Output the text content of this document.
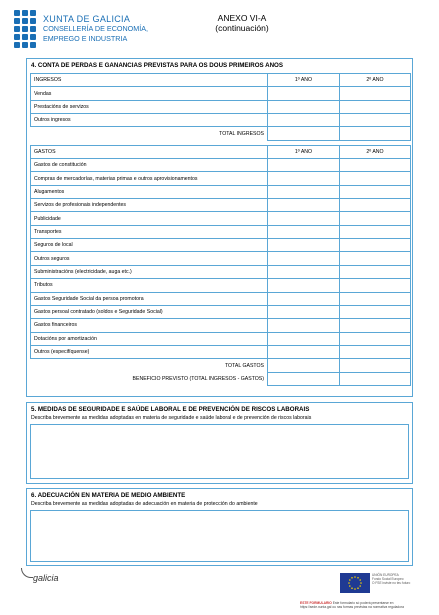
XUNTA DE GALICIA
CONSELLERÍA DE ECONOMÍA,
EMPREGO E INDUSTRIA
ANEXO VI-A
(continuación)
4. CONTA DE PERDAS E GANANCIAS PREVISTAS PARA OS DOUS PRIMEIROS ANOS
INGRESOS	1º ANO	2º ANO
Vendas		
Prestacións de servizos		
Outros ingresos		
TOTAL INGRESOS		

GASTOS	1º ANO	2º ANO
Gastos de constitución		
Compras de mercadorías, materias primas e outros aprovisionamentos		
Alugamentos		
Servizos de profesionais independentes		
Publicidade		
Transportes		
Seguros de local		
Outros seguros		
Subministracións (electricidade, auga etc.)		
Tributos		
Gastos Seguridade Social da persoa promotora		
Gastos persoal contratado (soldos e Seguridade Social)		
Gastos financeiros		
Dotacións por amortización		
Outros (especifíquense)		
TOTAL GASTOS		
BENEFICIO PREVISTO (TOTAL INGRESOS - GASTOS)		
5. MEDIDAS DE SEGURIDADE E SAÚDE LABORAL E DE PREVENCIÓN DE RISCOS LABORAIS
Describa brevemente as medidas adoptadas en materia de seguridade e saúde laboral e de prevención de riscos laborais
6. ADECUACIÓN EN MATERIA DE MEDIO AMBIENTE
Describa brevemente as medidas adoptadas de adecuación en materia de protección do ambiente
galicia	UNIÓN EUROPEA
Fondo Social Europeo
O FSE inviste no teu futuro
ESTE FORMULARIO Este formulario só poderá presentarse en https://sede.xunta.gal ou nas formas previstas na normativa reguladora
